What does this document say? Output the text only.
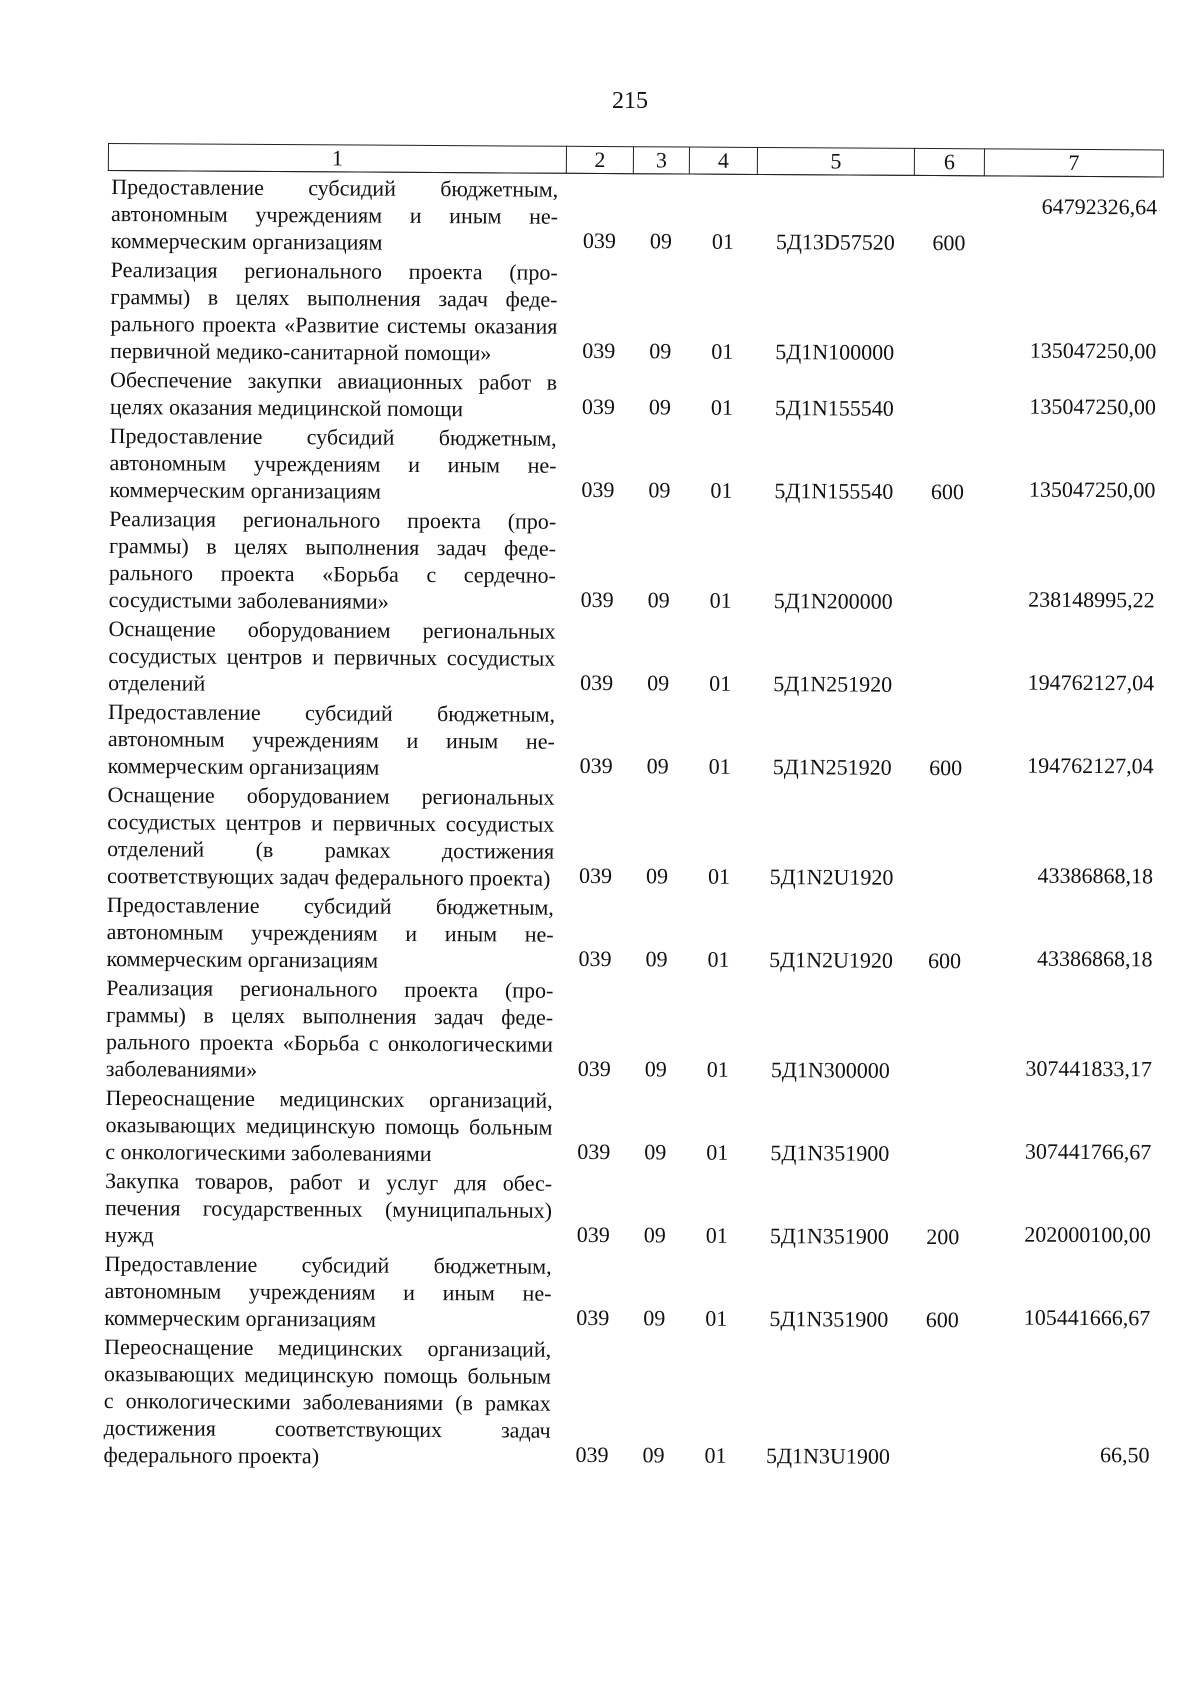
215
1	2	3	4	5	6	7
Предоставление субсидий бюджетным, автономным учреждениям и иным некоммерческим организациям	039	09	01	5Д13D57520	600	64792326,64
Реализация регионального проекта (программы) в целях выполнения задач федерального проекта «Развитие системы оказания первичной медико-санитарной помощи»	039	09	01	5Д1N100000		135047250,00
Обеспечение закупки авиационных работ в целях оказания медицинской помощи	039	09	01	5Д1N155540		135047250,00
Предоставление субсидий бюджетным, автономным учреждениям и иным некоммерческим организациям	039	09	01	5Д1N155540	600	135047250,00
Реализация регионального проекта (программы) в целях выполнения задач федерального проекта «Борьба с сердечно-сосудистыми заболеваниями»	039	09	01	5Д1N200000		238148995,22
Оснащение оборудованием региональных сосудистых центров и первичных сосудистых отделений	039	09	01	5Д1N251920		194762127,04
Предоставление субсидий бюджетным, автономным учреждениям и иным некоммерческим организациям	039	09	01	5Д1N251920	600	194762127,04
Оснащение оборудованием региональных сосудистых центров и первичных сосудистых отделений (в рамках достижения соответствующих задач федерального проекта)	039	09	01	5Д1N2U1920		43386868,18
Предоставление субсидий бюджетным, автономным учреждениям и иным некоммерческим организациям	039	09	01	5Д1N2U1920	600	43386868,18
Реализация регионального проекта (программы) в целях выполнения задач федерального проекта «Борьба с онкологическими заболеваниями»	039	09	01	5Д1N300000		307441833,17
Переоснащение медицинских организаций, оказывающих медицинскую помощь больным с онкологическими заболеваниями	039	09	01	5Д1N351900		307441766,67
Закупка товаров, работ и услуг для обеспечения государственных (муниципальных) нужд	039	09	01	5Д1N351900	200	202000100,00
Предоставление субсидий бюджетным, автономным учреждениям и иным некоммерческим организациям	039	09	01	5Д1N351900	600	105441666,67
Переоснащение медицинских организаций, оказывающих медицинскую помощь больным с онкологическими заболеваниями (в рамках достижения соответствующих задач федерального проекта)	039	09	01	5Д1N3U1900		66,50
